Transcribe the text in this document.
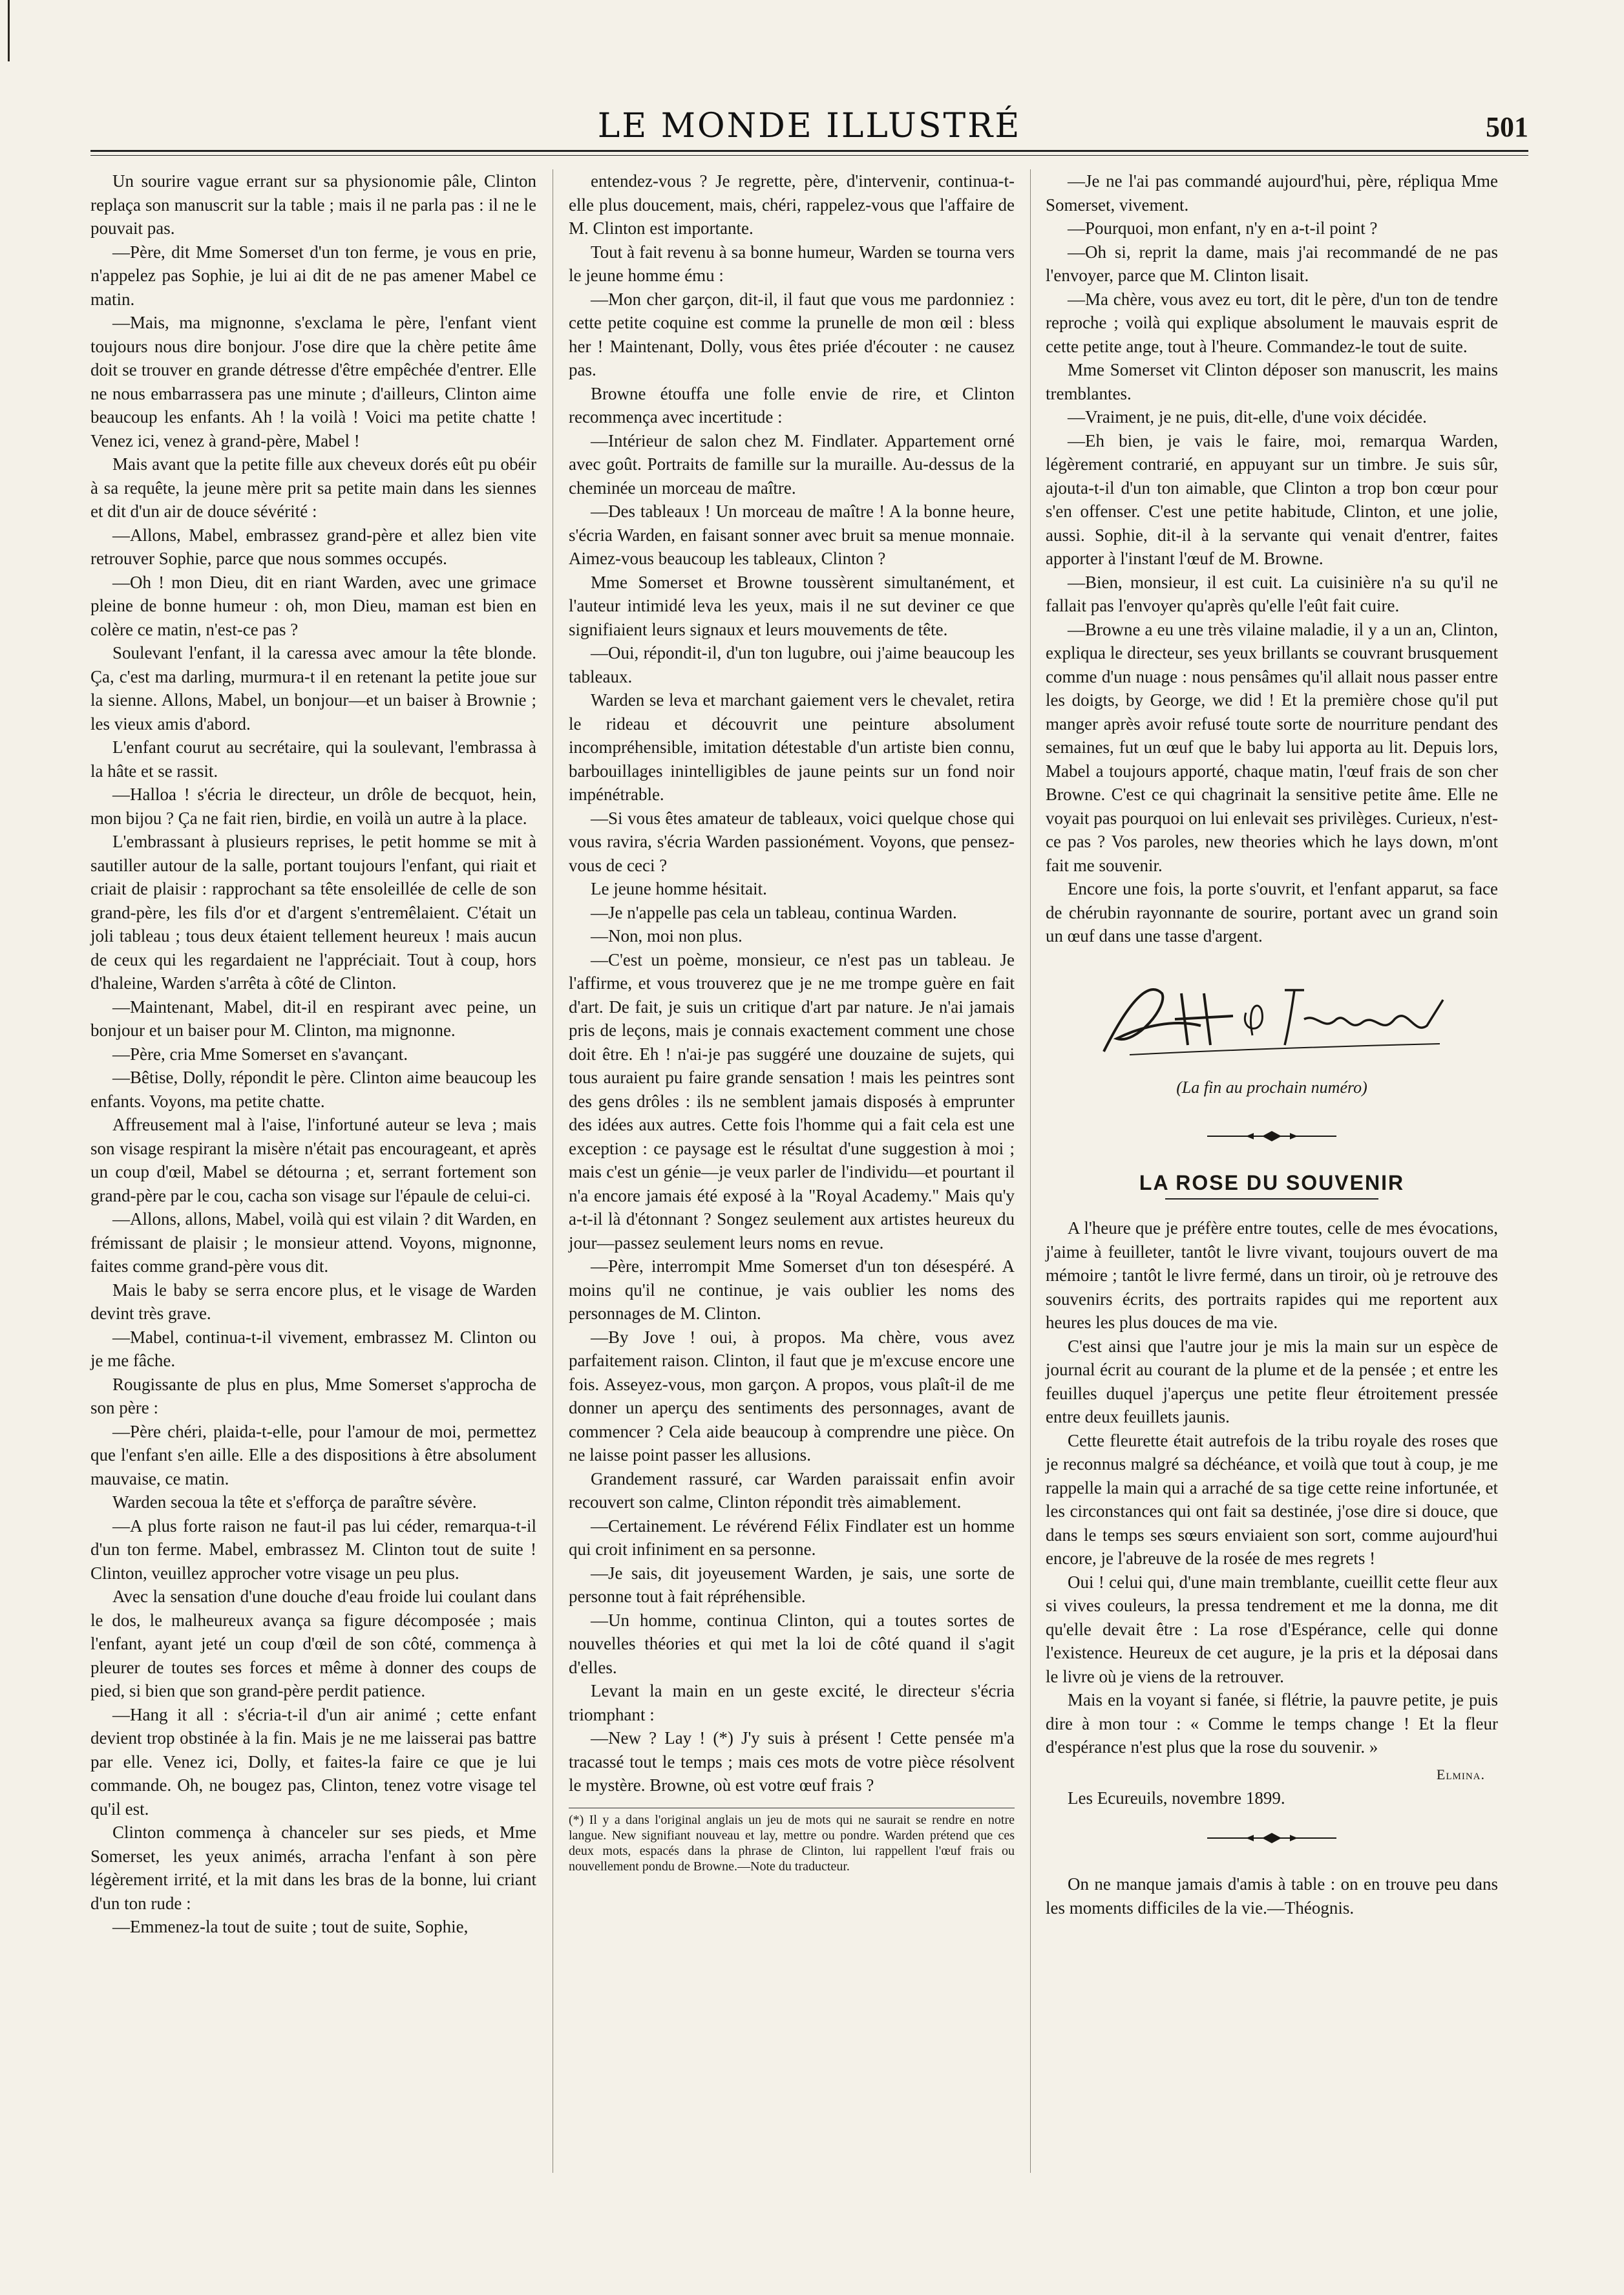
LE MONDE ILLUSTRÉ	501

Un sourire vague errant sur sa physionomie pâle, Clinton replaça son manuscrit sur la table ; mais il ne parla pas : il ne le pouvait pas.

—Père, dit Mme Somerset d'un ton ferme, je vous en prie, n'appelez pas Sophie, je lui ai dit de ne pas amener Mabel ce matin.

—Mais, ma mignonne, s'exclama le père, l'enfant vient toujours nous dire bonjour. J'ose dire que la chère petite âme doit se trouver en grande détresse d'être empêchée d'entrer. Elle ne nous embarrassera pas une minute ; d'ailleurs, Clinton aime beaucoup les enfants. Ah ! la voilà ! Voici ma petite chatte ! Venez ici, venez à grand-père, Mabel !

Mais avant que la petite fille aux cheveux dorés eût pu obéir à sa requête, la jeune mère prit sa petite main dans les siennes et dit d'un air de douce sévérité :

—Allons, Mabel, embrassez grand-père et allez bien vite retrouver Sophie, parce que nous sommes occupés.

—Oh ! mon Dieu, dit en riant Warden, avec une grimace pleine de bonne humeur : oh, mon Dieu, maman est bien en colère ce matin, n'est-ce pas ?

Soulevant l'enfant, il la caressa avec amour la tête blonde. Ça, c'est ma darling, murmura-t il en retenant la petite joue sur la sienne. Allons, Mabel, un bonjour—et un baiser à Brownie ; les vieux amis d'abord.

L'enfant courut au secrétaire, qui la soulevant, l'embrassa à la hâte et se rassit.

—Halloa ! s'écria le directeur, un drôle de becquot, hein, mon bijou ? Ça ne fait rien, birdie, en voilà un autre à la place.

L'embrassant à plusieurs reprises, le petit homme se mit à sautiller autour de la salle, portant toujours l'enfant, qui riait et criait de plaisir : rapprochant sa tête ensoleillée de celle de son grand-père, les fils d'or et d'argent s'entremêlaient. C'était un joli tableau ; tous deux étaient tellement heureux ! mais aucun de ceux qui les regardaient ne l'appréciait. Tout à coup, hors d'haleine, Warden s'arrêta à côté de Clinton.

—Maintenant, Mabel, dit-il en respirant avec peine, un bonjour et un baiser pour M. Clinton, ma mignonne.

—Père, cria Mme Somerset en s'avançant.

—Bêtise, Dolly, répondit le père. Clinton aime beaucoup les enfants. Voyons, ma petite chatte.

Affreusement mal à l'aise, l'infortuné auteur se leva ; mais son visage respirant la misère n'était pas encourageant, et après un coup d'œil, Mabel se détourna ; et, serrant fortement son grand-père par le cou, cacha son visage sur l'épaule de celui-ci.

—Allons, allons, Mabel, voilà qui est vilain ? dit Warden, en frémissant de plaisir ; le monsieur attend. Voyons, mignonne, faites comme grand-père vous dit.

Mais le baby se serra encore plus, et le visage de Warden devint très grave.

—Mabel, continua-t-il vivement, embrassez M. Clinton ou je me fâche.

Rougissante de plus en plus, Mme Somerset s'approcha de son père :

—Père chéri, plaida-t-elle, pour l'amour de moi, permettez que l'enfant s'en aille. Elle a des dispositions à être absolument mauvaise, ce matin.

Warden secoua la tête et s'efforça de paraître sévère.

—A plus forte raison ne faut-il pas lui céder, remarqua-t-il d'un ton ferme. Mabel, embrassez M. Clinton tout de suite ! Clinton, veuillez approcher votre visage un peu plus.

Avec la sensation d'une douche d'eau froide lui coulant dans le dos, le malheureux avança sa figure décomposée ; mais l'enfant, ayant jeté un coup d'œil de son côté, commença à pleurer de toutes ses forces et même à donner des coups de pied, si bien que son grand-père perdit patience.

—Hang it all : s'écria-t-il d'un air animé ; cette enfant devient trop obstinée à la fin. Mais je ne me laisserai pas battre par elle. Venez ici, Dolly, et faites-la faire ce que je lui commande. Oh, ne bougez pas, Clinton, tenez votre visage tel qu'il est.

Clinton commença à chanceler sur ses pieds, et Mme Somerset, les yeux animés, arracha l'enfant à son père légèrement irrité, et la mit dans les bras de la bonne, lui criant d'un ton rude :

—Emmenez-la tout de suite ; tout de suite, Sophie,

entendez-vous ? Je regrette, père, d'intervenir, continua-t-elle plus doucement, mais, chéri, rappelez-vous que l'affaire de M. Clinton est importante.

Tout à fait revenu à sa bonne humeur, Warden se tourna vers le jeune homme ému :

—Mon cher garçon, dit-il, il faut que vous me pardonniez : cette petite coquine est comme la prunelle de mon œil : bless her ! Maintenant, Dolly, vous êtes priée d'écouter : ne causez pas.

Browne étouffa une folle envie de rire, et Clinton recommença avec incertitude :

—Intérieur de salon chez M. Findlater. Appartement orné avec goût. Portraits de famille sur la muraille. Au-dessus de la cheminée un morceau de maître.

—Des tableaux ! Un morceau de maître ! A la bonne heure, s'écria Warden, en faisant sonner avec bruit sa menue monnaie. Aimez-vous beaucoup les tableaux, Clinton ?

Mme Somerset et Browne toussèrent simultanément, et l'auteur intimidé leva les yeux, mais il ne sut deviner ce que signifiaient leurs signaux et leurs mouvements de tête.

—Oui, répondit-il, d'un ton lugubre, oui j'aime beaucoup les tableaux.

Warden se leva et marchant gaiement vers le chevalet, retira le rideau et découvrit une peinture absolument incompréhensible, imitation détestable d'un artiste bien connu, barbouillages inintelligibles de jaune peints sur un fond noir impénétrable.

—Si vous êtes amateur de tableaux, voici quelque chose qui vous ravira, s'écria Warden passionément. Voyons, que pensez-vous de ceci ?

Le jeune homme hésitait.

—Je n'appelle pas cela un tableau, continua Warden.

—Non, moi non plus.

—C'est un poème, monsieur, ce n'est pas un tableau. Je l'affirme, et vous trouverez que je ne me trompe guère en fait d'art. De fait, je suis un critique d'art par nature. Je n'ai jamais pris de leçons, mais je connais exactement comment une chose doit être. Eh ! n'ai-je pas suggéré une douzaine de sujets, qui tous auraient pu faire grande sensation ! mais les peintres sont des gens drôles : ils ne semblent jamais disposés à emprunter des idées aux autres. Cette fois l'homme qui a fait cela est une exception : ce paysage est le résultat d'une suggestion à moi ; mais c'est un génie—je veux parler de l'individu—et pourtant il n'a encore jamais été exposé à la "Royal Academy." Mais qu'y a-t-il là d'étonnant ? Songez seulement aux artistes heureux du jour—passez seulement leurs noms en revue.

—Père, interrompit Mme Somerset d'un ton désespéré. A moins qu'il ne continue, je vais oublier les noms des personnages de M. Clinton.

—By Jove ! oui, à propos. Ma chère, vous avez parfaitement raison. Clinton, il faut que je m'excuse encore une fois. Asseyez-vous, mon garçon. A propos, vous plaît-il de me donner un aperçu des sentiments des personnages, avant de commencer ? Cela aide beaucoup à comprendre une pièce. On ne laisse point passer les allusions.

Grandement rassuré, car Warden paraissait enfin avoir recouvert son calme, Clinton répondit très aimablement.

—Certainement. Le révérend Félix Findlater est un homme qui croit infiniment en sa personne.

—Je sais, dit joyeusement Warden, je sais, une sorte de personne tout à fait répréhensible.

—Un homme, continua Clinton, qui a toutes sortes de nouvelles théories et qui met la loi de côté quand il s'agit d'elles.

Levant la main en un geste excité, le directeur s'écria triomphant :

—New ? Lay ! (*) J'y suis à présent ! Cette pensée m'a tracassé tout le temps ; mais ces mots de votre pièce résolvent le mystère. Browne, où est votre œuf frais ?

(*) Il y a dans l'original anglais un jeu de mots qui ne saurait se rendre en notre langue. New signifiant nouveau et lay, mettre ou pondre. Warden prétend que ces deux mots, espacés dans la phrase de Clinton, lui rappellent l'œuf frais ou nouvellement pondu de Browne.—Note du traducteur.

—Je ne l'ai pas commandé aujourd'hui, père, répliqua Mme Somerset, vivement.

—Pourquoi, mon enfant, n'y en a-t-il point ?

—Oh si, reprit la dame, mais j'ai recommandé de ne pas l'envoyer, parce que M. Clinton lisait.

—Ma chère, vous avez eu tort, dit le père, d'un ton de tendre reproche ; voilà qui explique absolument le mauvais esprit de cette petite ange, tout à l'heure. Commandez-le tout de suite.

Mme Somerset vit Clinton déposer son manuscrit, les mains tremblantes.

—Vraiment, je ne puis, dit-elle, d'une voix décidée.

—Eh bien, je vais le faire, moi, remarqua Warden, légèrement contrarié, en appuyant sur un timbre. Je suis sûr, ajouta-t-il d'un ton aimable, que Clinton a trop bon cœur pour s'en offenser. C'est une petite habitude, Clinton, et une jolie, aussi. Sophie, dit-il à la servante qui venait d'entrer, faites apporter à l'instant l'œuf de M. Browne.

—Bien, monsieur, il est cuit. La cuisinière n'a su qu'il ne fallait pas l'envoyer qu'après qu'elle l'eût fait cuire.

—Browne a eu une très vilaine maladie, il y a un an, Clinton, expliqua le directeur, ses yeux brillants se couvrant brusquement comme d'un nuage : nous pensâmes qu'il allait nous passer entre les doigts, by George, we did ! Et la première chose qu'il put manger après avoir refusé toute sorte de nourriture pendant des semaines, fut un œuf que le baby lui apporta au lit. Depuis lors, Mabel a toujours apporté, chaque matin, l'œuf frais de son cher Browne. C'est ce qui chagrinait la sensitive petite âme. Elle ne voyait pas pourquoi on lui enlevait ses privilèges. Curieux, n'est-ce pas ? Vos paroles, new theories which he lays down, m'ont fait me souvenir.

Encore une fois, la porte s'ouvrit, et l'enfant apparut, sa face de chérubin rayonnante de sourire, portant avec un grand soin un œuf dans une tasse d'argent.

(La fin au prochain numéro)
LA ROSE DU SOUVENIR

A l'heure que je préfère entre toutes, celle de mes évocations, j'aime à feuilleter, tantôt le livre vivant, toujours ouvert de ma mémoire ; tantôt le livre fermé, dans un tiroir, où je retrouve des souvenirs écrits, des portraits rapides qui me reportent aux heures les plus douces de ma vie.

C'est ainsi que l'autre jour je mis la main sur un espèce de journal écrit au courant de la plume et de la pensée ; et entre les feuilles duquel j'aperçus une petite fleur étroitement pressée entre deux feuillets jaunis.

Cette fleurette était autrefois de la tribu royale des roses que je reconnus malgré sa déchéance, et voilà que tout à coup, je me rappelle la main qui a arraché de sa tige cette reine infortunée, et les circonstances qui ont fait sa destinée, j'ose dire si douce, que dans le temps ses sœurs enviaient son sort, comme aujourd'hui encore, je l'abreuve de la rosée de mes regrets !

Oui ! celui qui, d'une main tremblante, cueillit cette fleur aux si vives couleurs, la pressa tendrement et me la donna, me dit qu'elle devait être : La rose d'Espérance, celle qui donne l'existence. Heureux de cet augure, je la pris et la déposai dans le livre où je viens de la retrouver.

Mais en la voyant si fanée, si flétrie, la pauvre petite, je puis dire à mon tour : « Comme le temps change ! Et la fleur d'espérance n'est plus que la rose du souvenir. »

Elmina.

Les Ecureuils, novembre 1899.

On ne manque jamais d'amis à table : on en trouve peu dans les moments difficiles de la vie.—Théognis.
